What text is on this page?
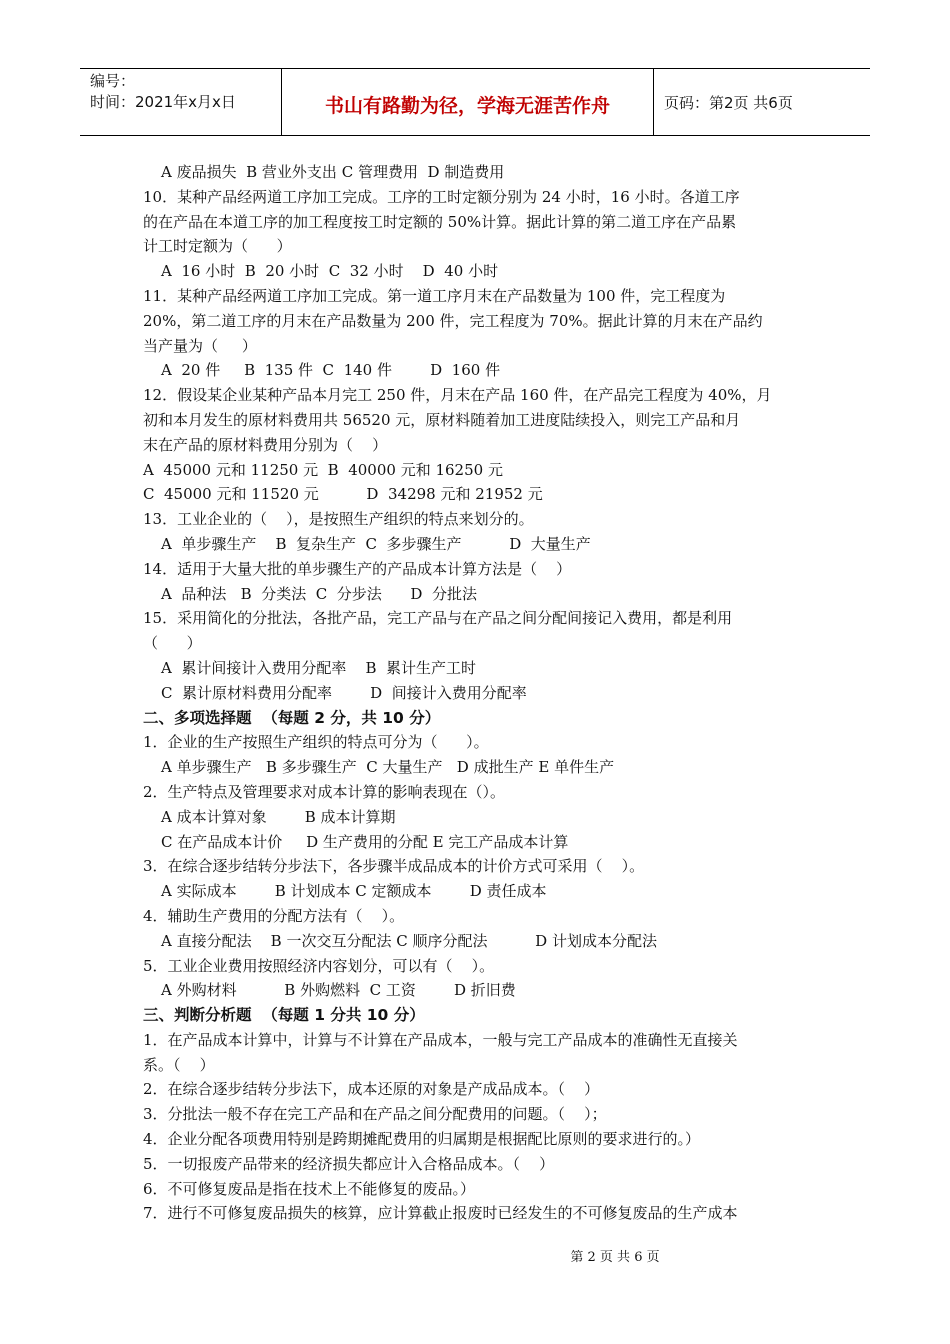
编号：
时间：2021年x月x日	书山有路勤为径，学海无涯苦作舟	页码：第2页 共6页
A 废品损失  B 营业外支出 C 管理费用  D 制造费用
10．某种产品经两道工序加工完成。工序的工时定额分别为 24 小时，16 小时。各道工序
的在产品在本道工序的加工程度按工时定额的 50%计算。据此计算的第二道工序在产品累
计工时定额为（      ）
A  16 小时  B  20 小时  C  32 小时    D  40 小时
11．某种产品经两道工序加工完成。第一道工序月末在产品数量为 100 件，完工程度为
20%，第二道工序的月末在产品数量为 200 件，完工程度为 70%。据此计算的月末在产品约
当产量为（     ）
A  20 件     B  135 件  C  140 件        D  160 件
12．假设某企业某种产品本月完工 250 件，月末在产品 160 件，在产品完工程度为 40%，月
初和本月发生的原材料费用共 56520 元，原材料随着加工进度陆续投入，则完工产品和月
末在产品的原材料费用分别为（    ）
A  45000 元和 11250 元  B  40000 元和 16250 元
C  45000 元和 11520 元          D  34298 元和 21952 元
13．工业企业的（    ），是按照生产组织的特点来划分的。
A  单步骤生产    B  复杂生产  C  多步骤生产          D  大量生产
14．适用于大量大批的单步骤生产的产品成本计算方法是（    ）
A  品种法   B  分类法  C  分步法      D  分批法
15．采用简化的分批法，各批产品，完工产品与在产品之间分配间接记入费用，都是利用
（      ）
A  累计间接计入费用分配率    B  累计生产工时
C  累计原材料费用分配率        D  间接计入费用分配率
二、多项选择题  （每题 2 分，共 10 分）
1．企业的生产按照生产组织的特点可分为（      ）。
A 单步骤生产   B 多步骤生产  C 大量生产   D 成批生产 E 单件生产
2．生产特点及管理要求对成本计算的影响表现在（）。
A 成本计算对象        B 成本计算期
C 在产品成本计价     D 生产费用的分配 E 完工产品成本计算
3．在综合逐步结转分步法下，各步骤半成品成本的计价方式可采用（    ）。
A 实际成本        B 计划成本 C 定额成本        D 责任成本
4．辅助生产费用的分配方法有（    ）。
A 直接分配法    B 一次交互分配法 C 顺序分配法          D 计划成本分配法
5．工业企业费用按照经济内容划分，可以有（    ）。
A 外购材料          B 外购燃料  C 工资        D 折旧费
三、判断分析题  （每题 1 分共 10 分）
1．在产品成本计算中，计算与不计算在产品成本，一般与完工产品成本的准确性无直接关
系。（    ）
2．在综合逐步结转分步法下，成本还原的对象是产成品成本。（    ）
3．分批法一般不存在完工产品和在产品之间分配费用的问题。（    ）；
4．企业分配各项费用特别是跨期摊配费用的归属期是根据配比原则的要求进行的。）
5．一切报废产品带来的经济损失都应计入合格品成本。（    ）
6．不可修复废品是指在技术上不能修复的废品。）
7．进行不可修复废品损失的核算，应计算截止报废时已经发生的不可修复废品的生产成本
第 2 页 共 6 页
